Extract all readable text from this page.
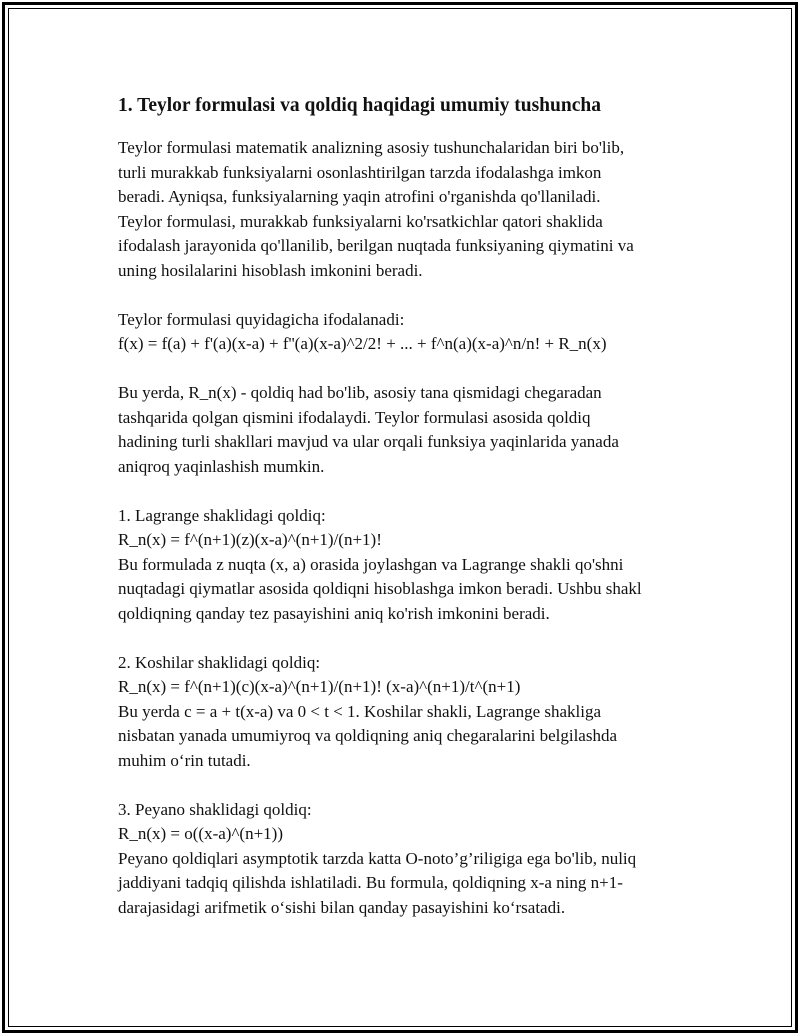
1. Teylor formulasi va qoldiq haqidagi umumiy tushuncha
Teylor formulasi matematik analizning asosiy tushunchalaridan biri bo'lib,
turli murakkab funksiyalarni osonlashtirilgan tarzda ifodalashga imkon
beradi. Ayniqsa, funksiyalarning yaqin atrofini o'rganishda qo'llaniladi.
Teylor formulasi, murakkab funksiyalarni ko'rsatkichlar qatori shaklida
ifodalash jarayonida qo'llanilib, berilgan nuqtada funksiyaning qiymatini va
uning hosilalarini hisoblash imkonini beradi.
Teylor formulasi quyidagicha ifodalanadi:
f(x) = f(a) + f'(a)(x-a) + f''(a)(x-a)^2/2! + ... + f^n(a)(x-a)^n/n! + R_n(x)
Bu yerda, R_n(x) - qoldiq had bo'lib, asosiy tana qismidagi chegaradan
tashqarida qolgan qismini ifodalaydi. Teylor formulasi asosida qoldiq
hadining turli shakllari mavjud va ular orqali funksiya yaqinlarida yanada
aniqroq yaqinlashish mumkin.
1. Lagrange shaklidagi qoldiq:
R_n(x) = f^(n+1)(z)(x-a)^(n+1)/(n+1)!
Bu formulada z nuqta (x, a) orasida joylashgan va Lagrange shakli qo'shni
nuqtadagi qiymatlar asosida qoldiqni hisoblashga imkon beradi. Ushbu shakl
qoldiqning qanday tez pasayishini aniq ko'rish imkonini beradi.
2. Koshilar shaklidagi qoldiq:
R_n(x) = f^(n+1)(c)(x-a)^(n+1)/(n+1)! (x-a)^(n+1)/t^(n+1)
Bu yerda c = a + t(x-a) va 0 < t < 1. Koshilar shakli, Lagrange shakliga
nisbatan yanada umumiyroq va qoldiqning aniq chegaralarini belgilashda
muhim o‘rin tutadi.
3. Peyano shaklidagi qoldiq:
R_n(x) = o((x-a)^(n+1))
Peyano qoldiqlari asymptotik tarzda katta O-noto’g’riligiga ega bo'lib, nuliq
jaddiyani tadqiq qilishda ishlatiladi. Bu formula, qoldiqning x-a ning n+1-
darajasidagi arifmetik o‘sishi bilan qanday pasayishini ko‘rsatadi.
